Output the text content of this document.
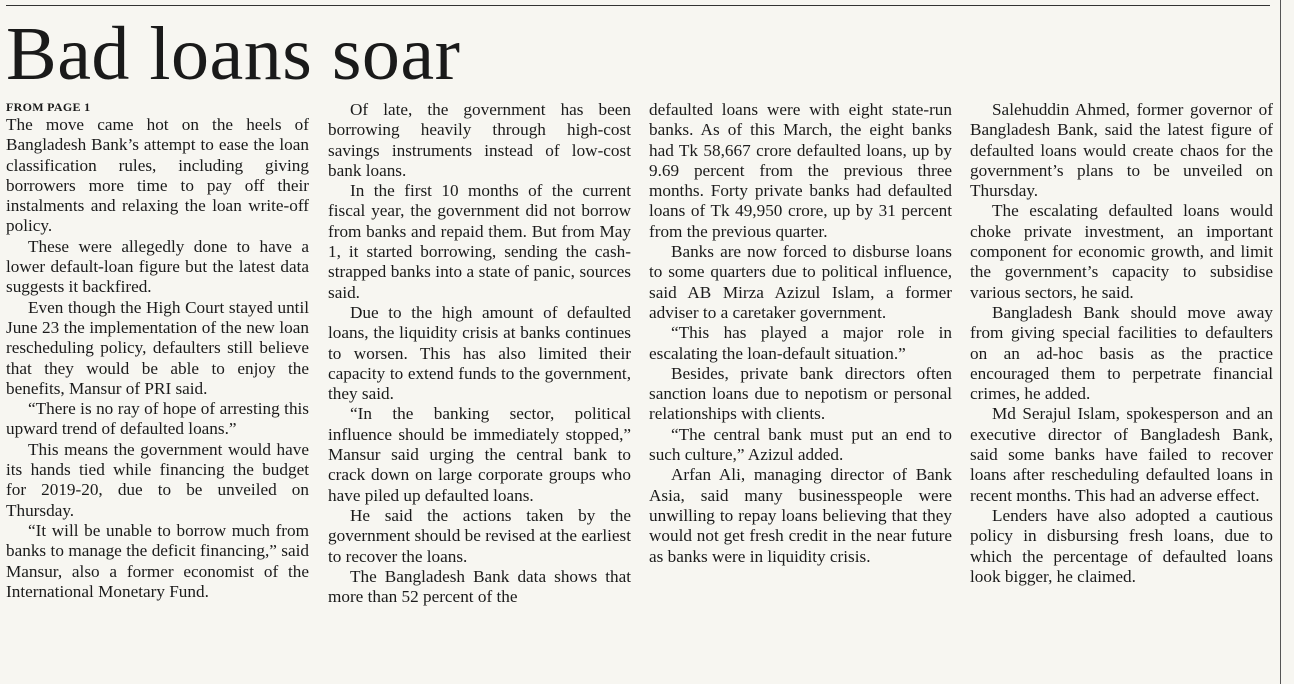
Bad loans soar
FROM PAGE 1

The move came hot on the heels of Bangladesh Bank’s attempt to ease the loan classification rules, including giving borrowers more time to pay off their instalments and relaxing the loan write-off policy.

These were allegedly done to have a lower default-loan figure but the latest data suggests it backfired.

Even though the High Court stayed until June 23 the implementation of the new loan rescheduling policy, defaulters still believe that they would be able to enjoy the benefits, Mansur of PRI said.

“There is no ray of hope of arresting this upward trend of defaulted loans.”

This means the government would have its hands tied while financing the budget for 2019-20, due to be unveiled on Thursday.

“It will be unable to borrow much from banks to manage the deficit financing,” said Mansur, also a former economist of the International Monetary Fund.

Of late, the government has been borrowing heavily through high-cost savings instruments instead of low-cost bank loans.

In the first 10 months of the current fiscal year, the government did not borrow from banks and repaid them. But from May 1, it started borrowing, sending the cash-strapped banks into a state of panic, sources said.

Due to the high amount of defaulted loans, the liquidity crisis at banks continues to worsen. This has also limited their capacity to extend funds to the government, they said.

“In the banking sector, political influence should be immediately stopped,” Mansur said urging the central bank to crack down on large corporate groups who have piled up defaulted loans.

He said the actions taken by the government should be revised at the earliest to recover the loans.

The Bangladesh Bank data shows that more than 52 percent of the

defaulted loans were with eight state-run banks. As of this March, the eight banks had Tk 58,667 crore defaulted loans, up by 9.69 percent from the previous three months. Forty private banks had defaulted loans of Tk 49,950 crore, up by 31 percent from the previous quarter.

Banks are now forced to disburse loans to some quarters due to political influence, said AB Mirza Azizul Islam, a former adviser to a caretaker government.

“This has played a major role in escalating the loan-default situation.”

Besides, private bank directors often sanction loans due to nepotism or personal relationships with clients.

“The central bank must put an end to such culture,” Azizul added.

Arfan Ali, managing director of Bank Asia, said many businesspeople were unwilling to repay loans believing that they would not get fresh credit in the near future as banks were in liquidity crisis.

Salehuddin Ahmed, former governor of Bangladesh Bank, said the latest figure of defaulted loans would create chaos for the government’s plans to be unveiled on Thursday.

The escalating defaulted loans would choke private investment, an important component for economic growth, and limit the government’s capacity to subsidise various sectors, he said.

Bangladesh Bank should move away from giving special facilities to defaulters on an ad-hoc basis as the practice encouraged them to perpetrate financial crimes, he added.

Md Serajul Islam, spokesperson and an executive director of Bangladesh Bank, said some banks have failed to recover loans after rescheduling defaulted loans in recent months. This had an adverse effect.

Lenders have also adopted a cautious policy in disbursing fresh loans, due to which the percentage of defaulted loans look bigger, he claimed.
